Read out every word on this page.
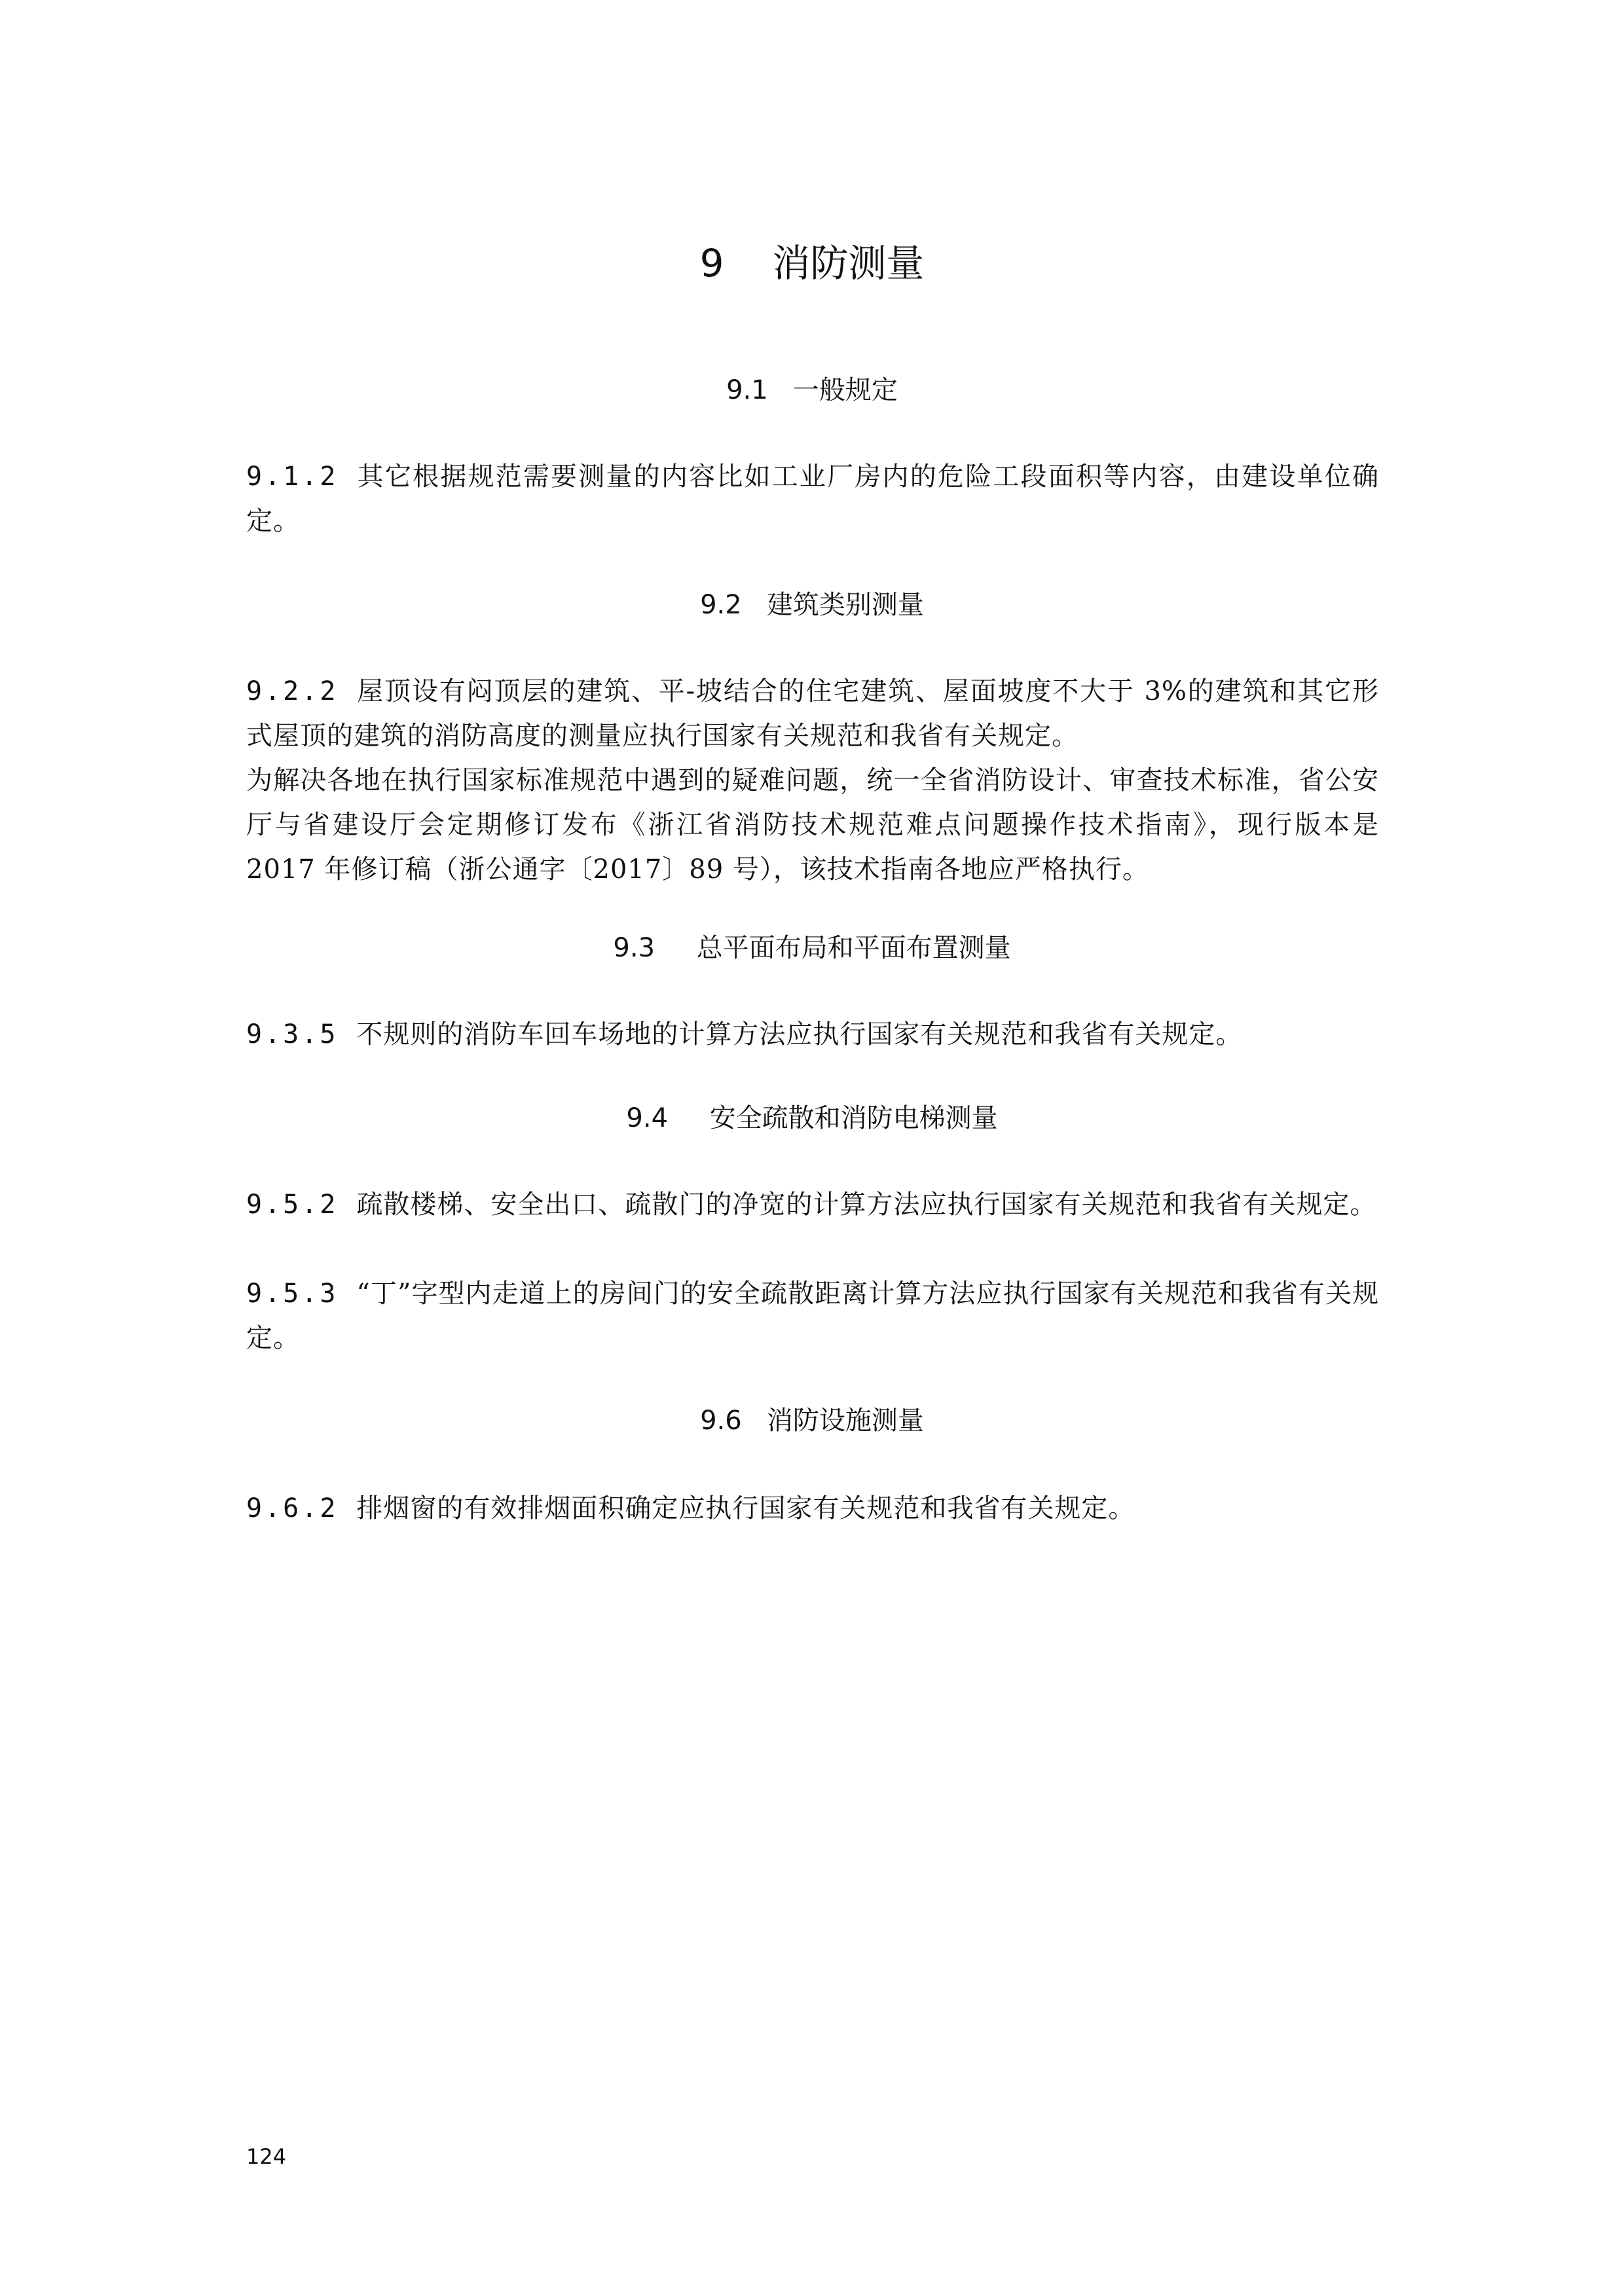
9    消防测量
9.1   一般规定
9.1.2 其它根据规范需要测量的内容比如工业厂房内的危险工段面积等内容，由建设单位确定。
9.2   建筑类别测量
9.2.2 屋顶设有闷顶层的建筑、平-坡结合的住宅建筑、屋面坡度不大于 3%的建筑和其它形式屋顶的建筑的消防高度的测量应执行国家有关规范和我省有关规定。
为解决各地在执行国家标准规范中遇到的疑难问题，统一全省消防设计、审查技术标准，省公安厅与省建设厅会定期修订发布《浙江省消防技术规范难点问题操作技术指南》，现行版本是 2017 年修订稿（浙公通字〔2017〕89 号），该技术指南各地应严格执行。
9.3     总平面布局和平面布置测量
9.3.5 不规则的消防车回车场地的计算方法应执行国家有关规范和我省有关规定。
9.4     安全疏散和消防电梯测量
9.5.2 疏散楼梯、安全出口、疏散门的净宽的计算方法应执行国家有关规范和我省有关规定。
9.5.3 “丁”字型内走道上的房间门的安全疏散距离计算方法应执行国家有关规范和我省有关规定。
9.6   消防设施测量
9.6.2 排烟窗的有效排烟面积确定应执行国家有关规范和我省有关规定。
124
